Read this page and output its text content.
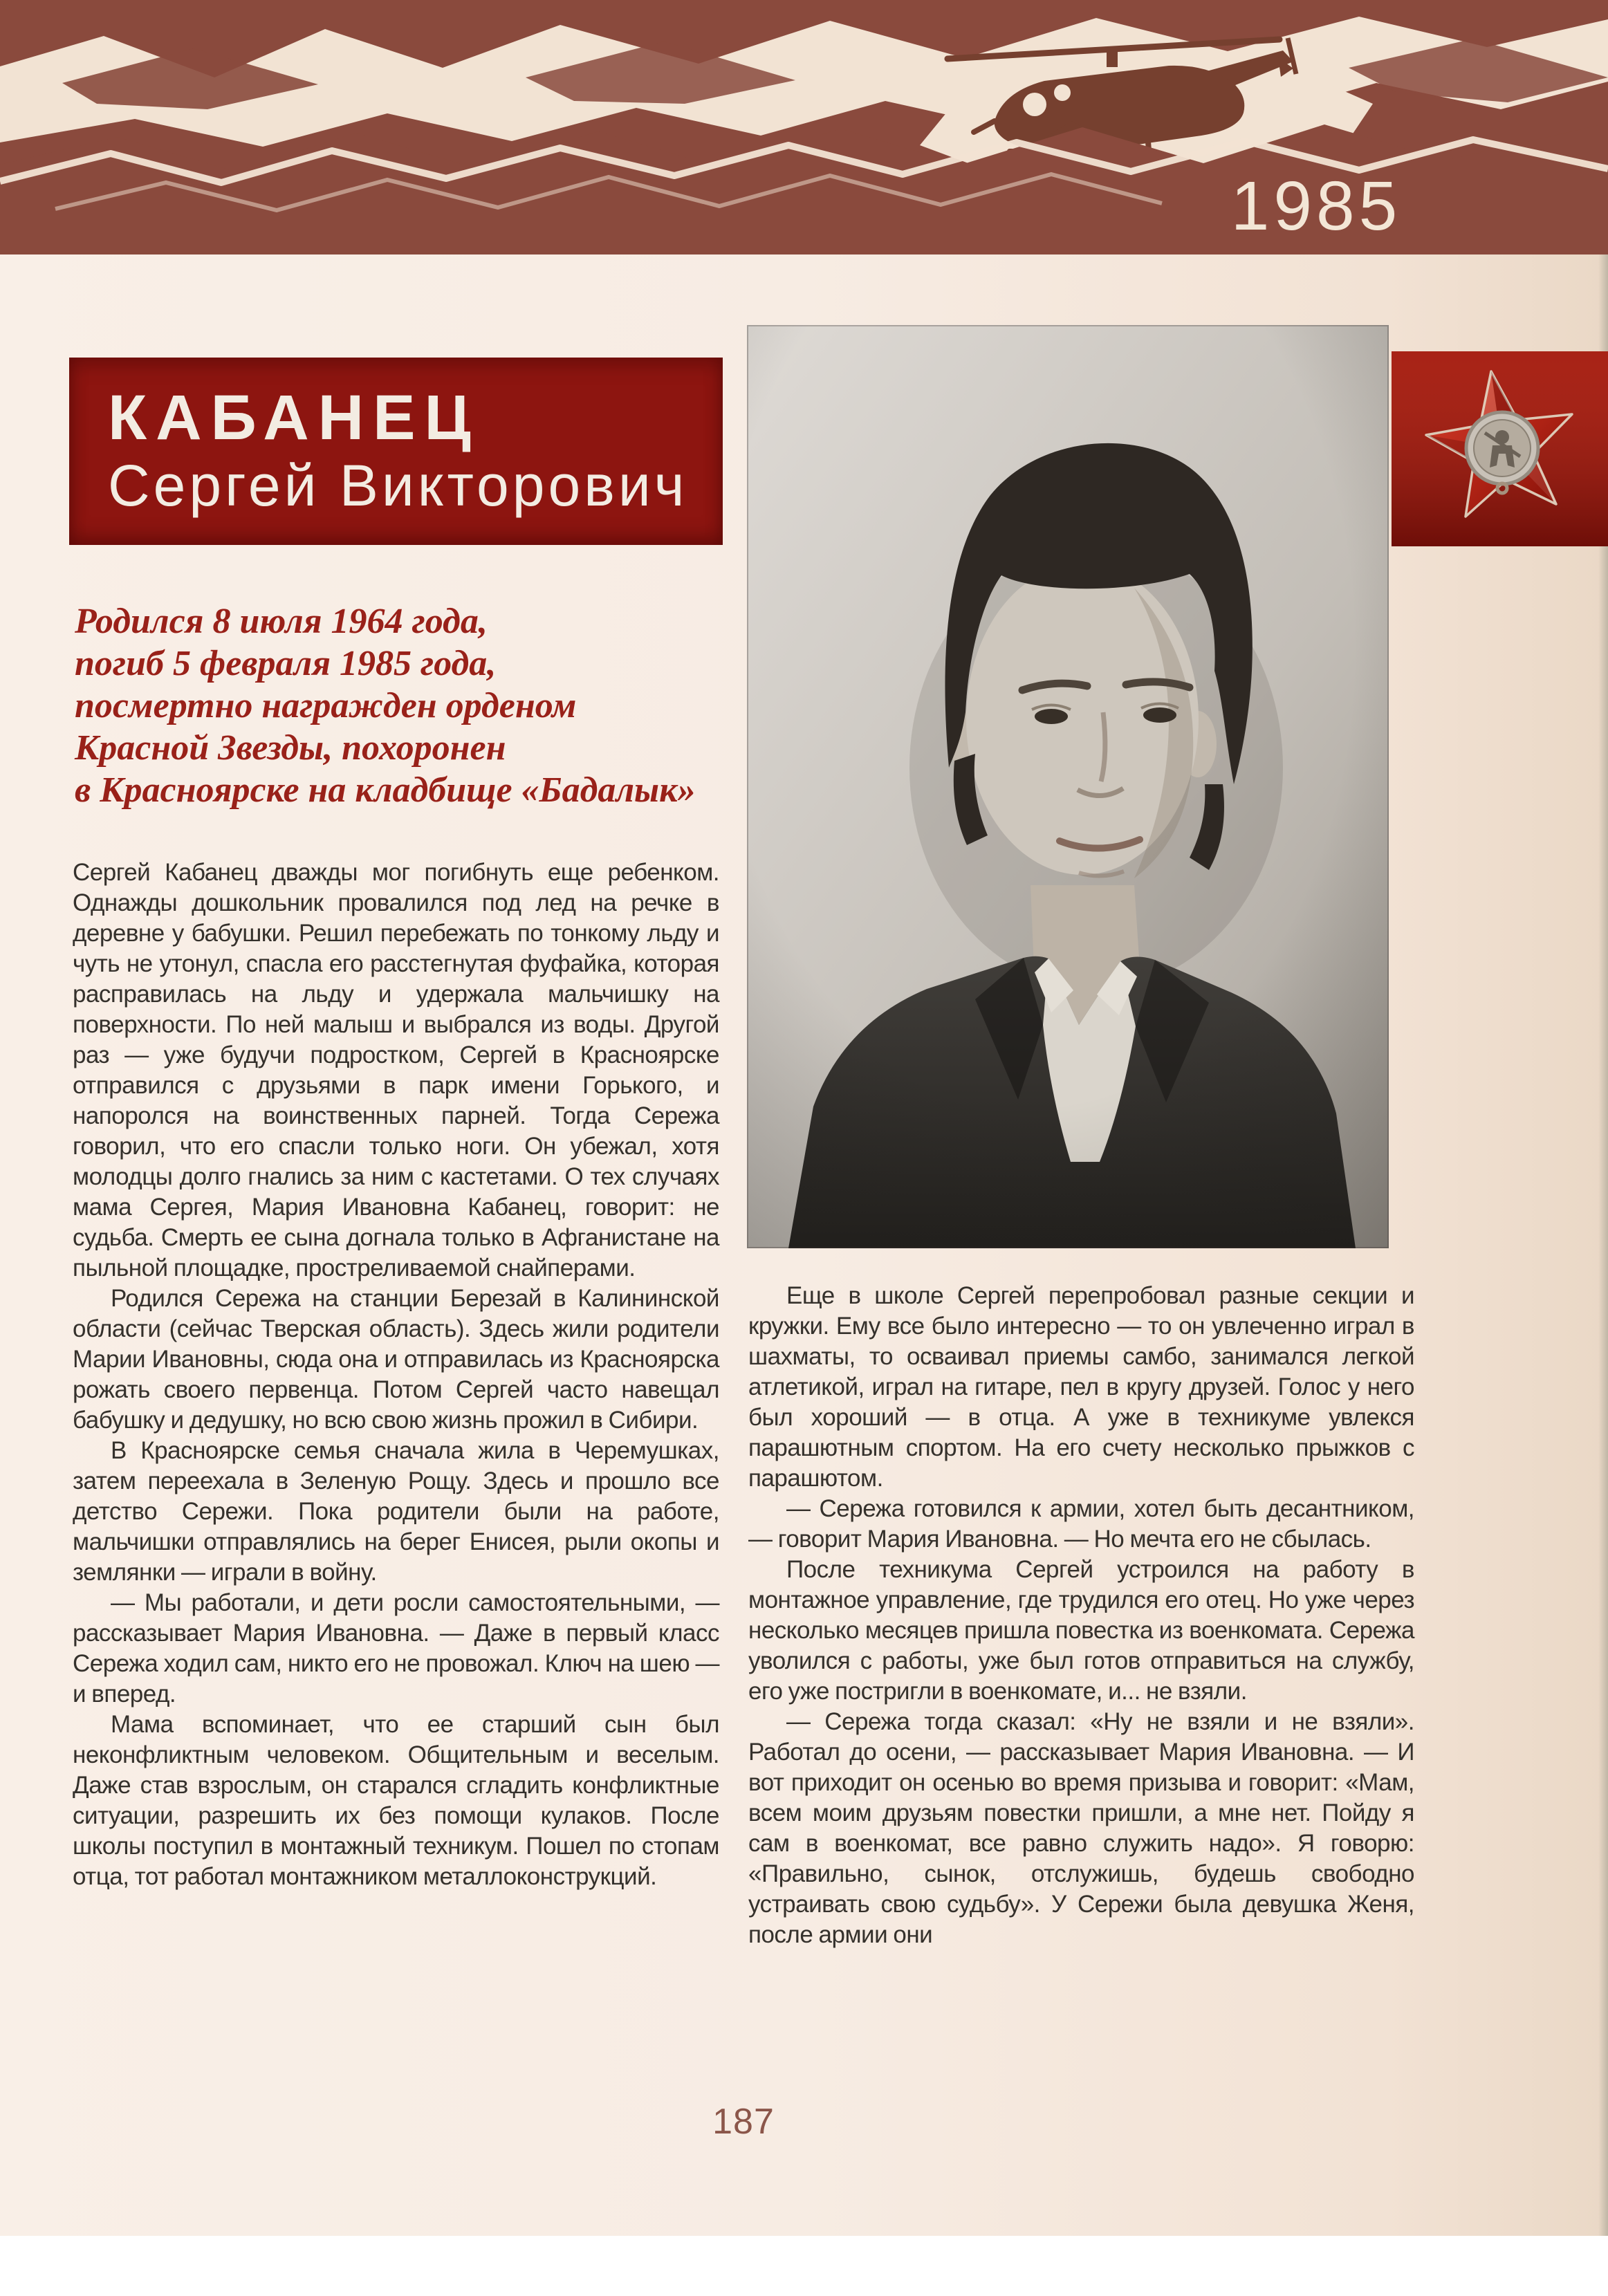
1985
КАБАНЕЦ
Сергей Викторович
Родился 8 июля 1964 года,
погиб 5 февраля 1985 года,
посмертно награжден орденом
Красной Звезды, похоронен
в Красноярске на кладбище «Бадалык»

Сергей Кабанец дважды мог погибнуть еще ребенком. Однажды дошкольник провалился под лед на речке в деревне у бабушки. Решил перебежать по тонкому льду и чуть не утонул, спасла его расстегнутая фуфайка, которая расправилась на льду и удержала мальчишку на поверхности. По ней малыш и выбрался из воды. Другой раз — уже будучи подростком, Сергей в Красноярске отправился с друзьями в парк имени Горького, и напоролся на воинственных парней. Тогда Сережа говорил, что его спасли только ноги. Он убежал, хотя молодцы долго гнались за ним с кастетами. О тех случаях мама Сергея, Мария Ивановна Кабанец, говорит: не судьба. Смерть ее сына догнала только в Афганистане на пыльной площадке, простреливаемой снайперами.

Родился Сережа на станции Березай в Калининской области (сейчас Тверская область). Здесь жили родители Марии Ивановны, сюда она и отправилась из Красноярска рожать своего первенца. Потом Сергей часто навещал бабушку и дедушку, но всю свою жизнь прожил в Сибири.

В Красноярске семья сначала жила в Черемушках, затем переехала в Зеленую Рощу. Здесь и прошло все детство Сережи. Пока родители были на работе, мальчишки отправлялись на берег Енисея, рыли окопы и землянки — играли в войну.

— Мы работали, и дети росли самостоятельными, — рассказывает Мария Ивановна. — Даже в первый класс Сережа ходил сам, никто его не провожал. Ключ на шею — и вперед.

Мама вспоминает, что ее старший сын был неконфликтным человеком. Общительным и веселым. Даже став взрослым, он старался сгладить конфликтные ситуации, разрешить их без помощи кулаков. После школы поступил в монтажный техникум. Пошел по стопам отца, тот работал монтажником металлоконструкций.

Еще в школе Сергей перепробовал разные секции и кружки. Ему все было интересно — то он увлеченно играл в шахматы, то осваивал приемы самбо, занимался легкой атлетикой, играл на гитаре, пел в кругу друзей. Голос у него был хороший — в отца. А уже в техникуме увлекся парашютным спортом. На его счету несколько прыжков с парашютом.

— Сережа готовился к армии, хотел быть десантником, — говорит Мария Ивановна. — Но мечта его не сбылась.

После техникума Сергей устроился на работу в монтажное управление, где трудился его отец. Но уже через несколько месяцев пришла повестка из военкомата. Сережа уволился с работы, уже был готов отправиться на службу, его уже постригли в военкомате, и... не взяли.

— Сережа тогда сказал: «Ну не взяли и не взяли». Работал до осени, — рассказывает Мария Ивановна. — И вот приходит он осенью во время призыва и говорит: «Мам, всем моим друзьям повестки пришли, а мне нет. Пойду я сам в военкомат, все равно служить надо». Я говорю: «Правильно, сынок, отслужишь, будешь свободно устраивать свою судьбу». У Сережи была девушка Женя, после армии они

187
